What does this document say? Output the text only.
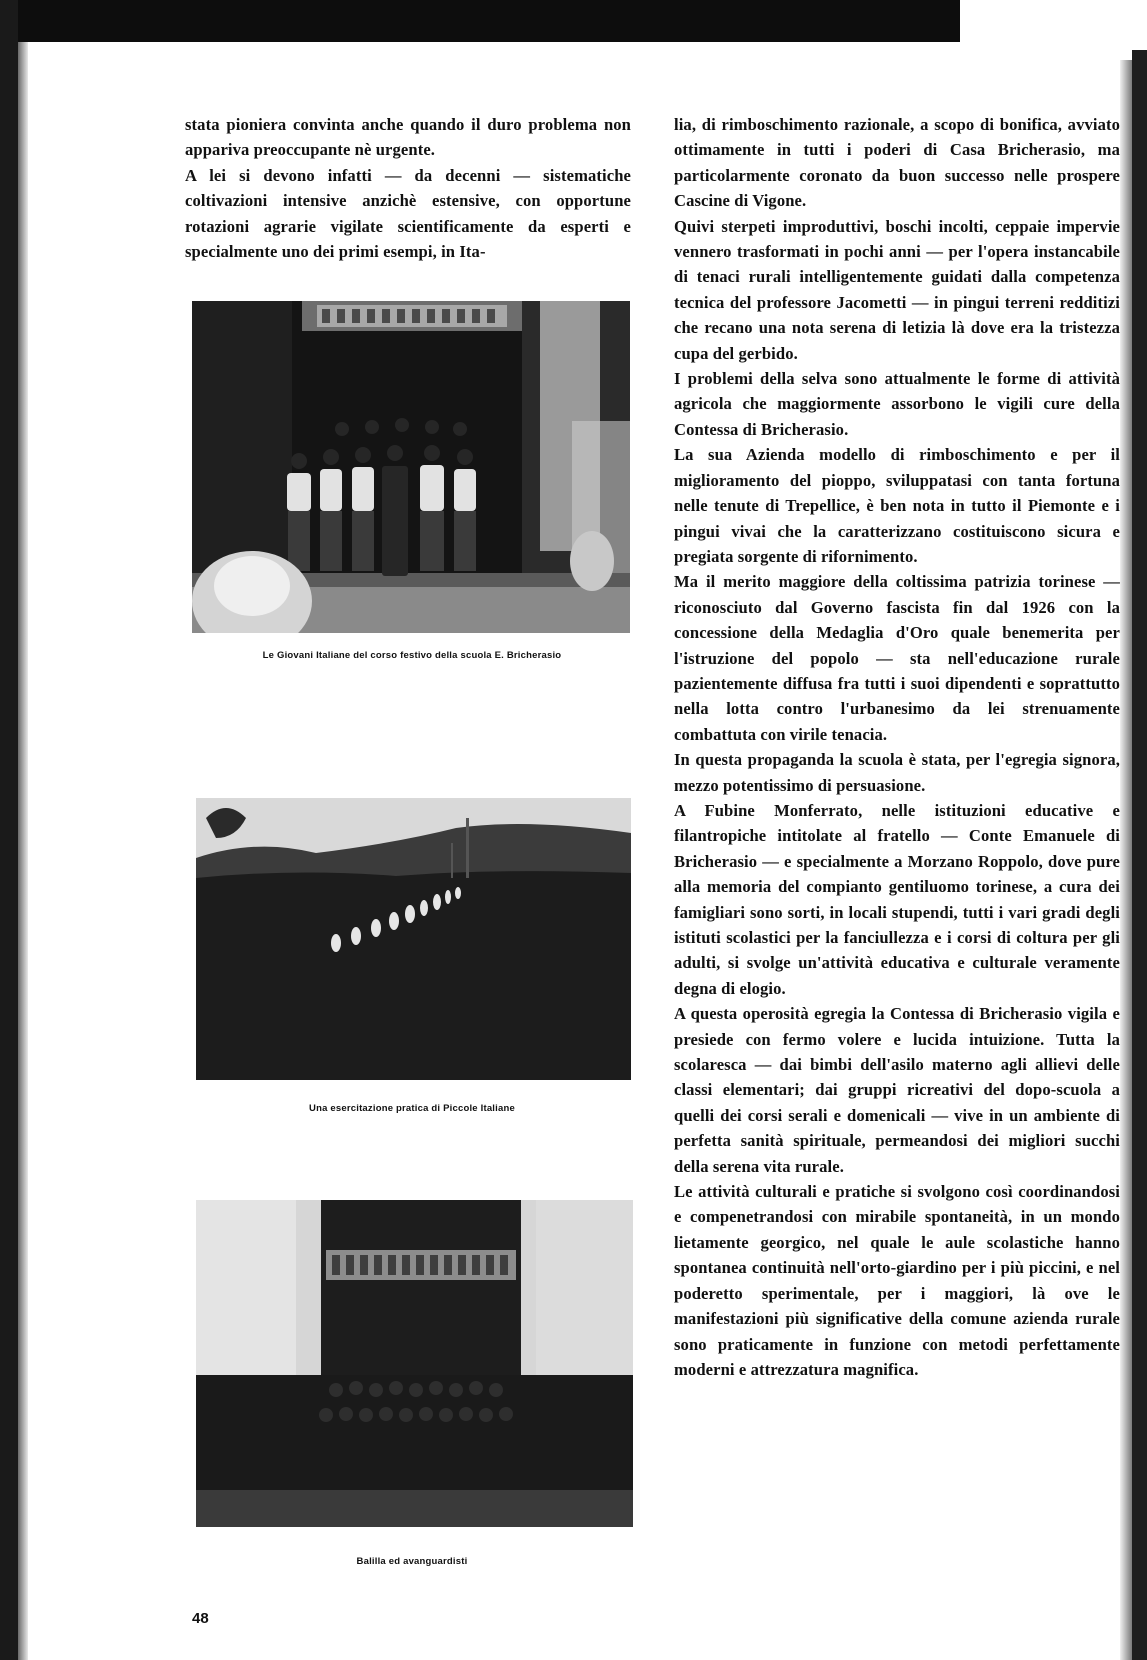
stata pioniera convinta anche quando il duro problema non appariva preoccupante nè urgente.

A lei si devono infatti — da decenni — sistematiche coltivazioni intensive anzichè estensive, con opportune rotazioni agrarie vigilate scientificamente da esperti e specialmente uno dei primi esempi, in Ita-

Le Giovani Italiane del corso festivo della scuola E. Bricherasio
Una esercitazione pratica di Piccole Italiane
Balilla ed avanguardisti

lia, di rimboschimento razionale, a scopo di bonifica, avviato ottimamente in tutti i poderi di Casa Bricherasio, ma particolarmente coronato da buon successo nelle prospere Cascine di Vigone.

Quivi sterpeti improduttivi, boschi incolti, ceppaie impervie vennero trasformati in pochi anni — per l'opera instancabile di tenaci rurali intelligentemente guidati dalla competenza tecnica del professore Jacometti — in pingui terreni redditizi che recano una nota serena di letizia là dove era la tristezza cupa del gerbido.

I problemi della selva sono attualmente le forme di attività agricola che maggiormente assorbono le vigili cure della Contessa di Bricherasio.

La sua Azienda modello di rimboschimento e per il miglioramento del pioppo, sviluppatasi con tanta fortuna nelle tenute di Trepellice, è ben nota in tutto il Piemonte e i pingui vivai che la caratterizzano costituiscono sicura e pregiata sorgente di rifornimento.

Ma il merito maggiore della coltissima patrizia torinese — riconosciuto dal Governo fascista fin dal 1926 con la concessione della Medaglia d'Oro quale benemerita per l'istruzione del popolo — sta nell'educazione rurale pazientemente diffusa fra tutti i suoi dipendenti e soprattutto nella lotta contro l'urbanesimo da lei strenuamente combattuta con virile tenacia.

In questa propaganda la scuola è stata, per l'egregia signora, mezzo potentissimo di persuasione.

A Fubine Monferrato, nelle istituzioni educative e filantropiche intitolate al fratello — Conte Emanuele di Bricherasio — e specialmente a Morzano Roppolo, dove pure alla memoria del compianto gentiluomo torinese, a cura dei famigliari sono sorti, in locali stupendi, tutti i vari gradi degli istituti scolastici per la fanciullezza e i corsi di coltura per gli adulti, si svolge un'attività educativa e culturale veramente degna di elogio.

A questa operosità egregia la Contessa di Bricherasio vigila e presiede con fermo volere e lucida intuizione. Tutta la scolaresca — dai bimbi dell'asilo materno agli allievi delle classi elementari; dai gruppi ricreativi del dopo-scuola a quelli dei corsi serali e domenicali — vive in un ambiente di perfetta sanità spirituale, permeandosi dei migliori succhi della serena vita rurale.

Le attività culturali e pratiche si svolgono così coordinandosi e compenetrandosi con mirabile spontaneità, in un mondo lietamente georgico, nel quale le aule scolastiche hanno spontanea continuità nell'orto-giardino per i più piccini, e nel poderetto sperimentale, per i maggiori, là ove le manifestazioni più significative della comune azienda rurale sono praticamente in funzione con metodi perfettamente moderni e attrezzatura magnifica.

48
